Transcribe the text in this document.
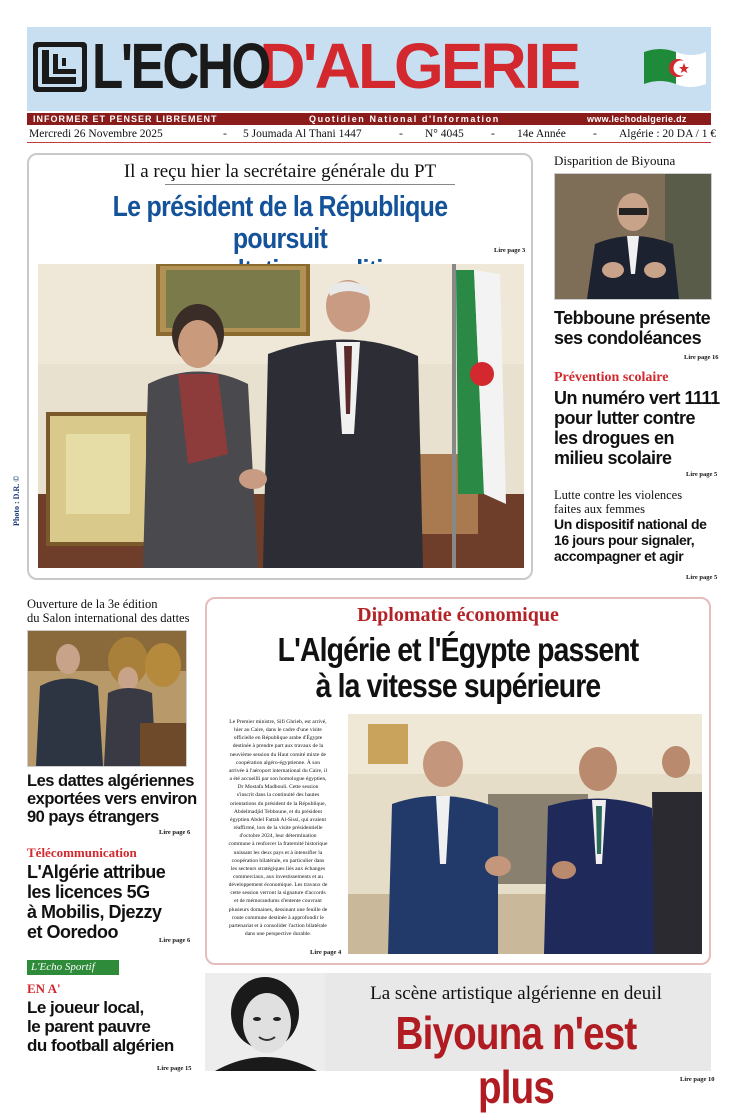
L'ECHOD'ALGERIE
INFORMER ET PENSER LIBREMENT	Quotidien National d'Information	www.lechodalgerie.dz
Mercredi 26 Novembre 2025	- 5 Joumada Al Thani 1447	- N° 4045 - 14e Année - Algérie : 20 DA / 1 €
Il a reçu hier la secrétaire générale du PT
Le président de la République poursuit	Lire page 3
Photo : D.R. ©
Disparition de Biyouna
Tebboune présente
ses condoléances
Lire page 16
Prévention scolaire
Un numéro vert 1111
pour lutter contre
les drogues en
milieu scolaire
Lire page 5
Lutte contre les violences
faites aux femmes
Un dispositif national de
16 jours pour signaler,
accompagner et agir
Lire page 5
Ouverture de la 3e édition
du Salon international des dattes
Les dattes algériennes
exportées vers environ
90 pays étrangers
Lire page 6
Télécommunication
L'Algérie attribue
les licences 5G
à Mobilis, Djezzy
et Ooredoo	Lire page 6
L'Echo Sportif
EN A'
Le joueur local,
le parent pauvre
du football algérien
Lire page 15
Diplomatie économique
L'Algérie et l'Égypte passent
à la vitesse supérieure
Le Premier ministre, Sifi Ghrieb, est arrivé,
hier au Caire, dans le cadre d'une visite
officielle en République arabe d'Égypte
destinée à prendre part aux travaux de la
neuvième session du Haut comité mixte de
coopération algéro-égyptienne. À son
arrivée à l'aéroport international du Caire, il
a été accueilli par son homologue égyptien,
Dr Mostafa Madbouli. Cette session
s'inscrit dans la continuité des hautes
orientations du président de la République,
Abdelmadjid Tebboune, et du président
égyptien Abdel Fattah Al-Sissi, qui avaient
réaffirmé, lors de la visite présidentielle
d'octobre 2024, leur détermination
commune à renforcer la fraternité historique
unissant les deux pays et à intensifier la
coopération bilatérale, en particulier dans
les secteurs stratégiques liés aux échanges
commerciaux, aux investissements et au
développement économique. Les travaux de
cette session verront la signature d'accords
et de mémorandums d'entente couvrant
plusieurs domaines, dessinant une feuille de
route commune destinée à approfondir le
partenariat et à consolider l'action bilatérale
dans une perspective durable.
Lire page 4
La scène artistique algérienne en deuil
Biyouna n'est plus	Lire page 10
